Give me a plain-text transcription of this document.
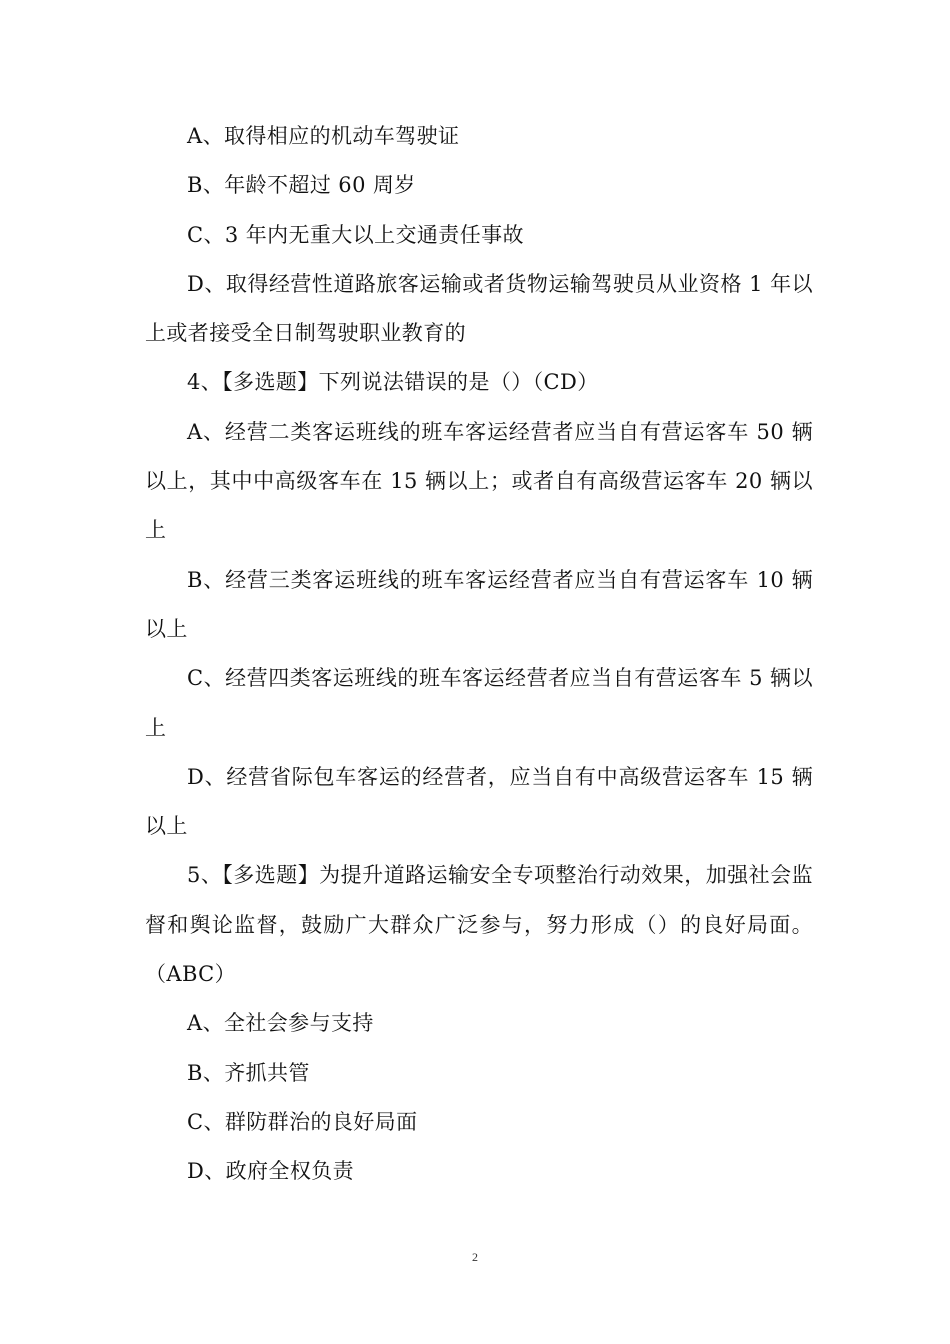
A、取得相应的机动车驾驶证

B、年龄不超过 60 周岁

C、3 年内无重大以上交通责任事故

D、取得经营性道路旅客运输或者货物运输驾驶员从业资格 1 年以上或者接受全日制驾驶职业教育的

4、【多选题】下列说法错误的是（）（CD）

A、经营二类客运班线的班车客运经营者应当自有营运客车 50 辆以上，其中中高级客车在 15 辆以上；或者自有高级营运客车 20 辆以上

B、经营三类客运班线的班车客运经营者应当自有营运客车 10 辆以上

C、经营四类客运班线的班车客运经营者应当自有营运客车 5 辆以上

D、经营省际包车客运的经营者，应当自有中高级营运客车 15 辆以上

5、【多选题】为提升道路运输安全专项整治行动效果，加强社会监督和舆论监督，鼓励广大群众广泛参与，努力形成（）的良好局面。（ABC）

A、全社会参与支持

B、齐抓共管

C、群防群治的良好局面

D、政府全权负责

2
